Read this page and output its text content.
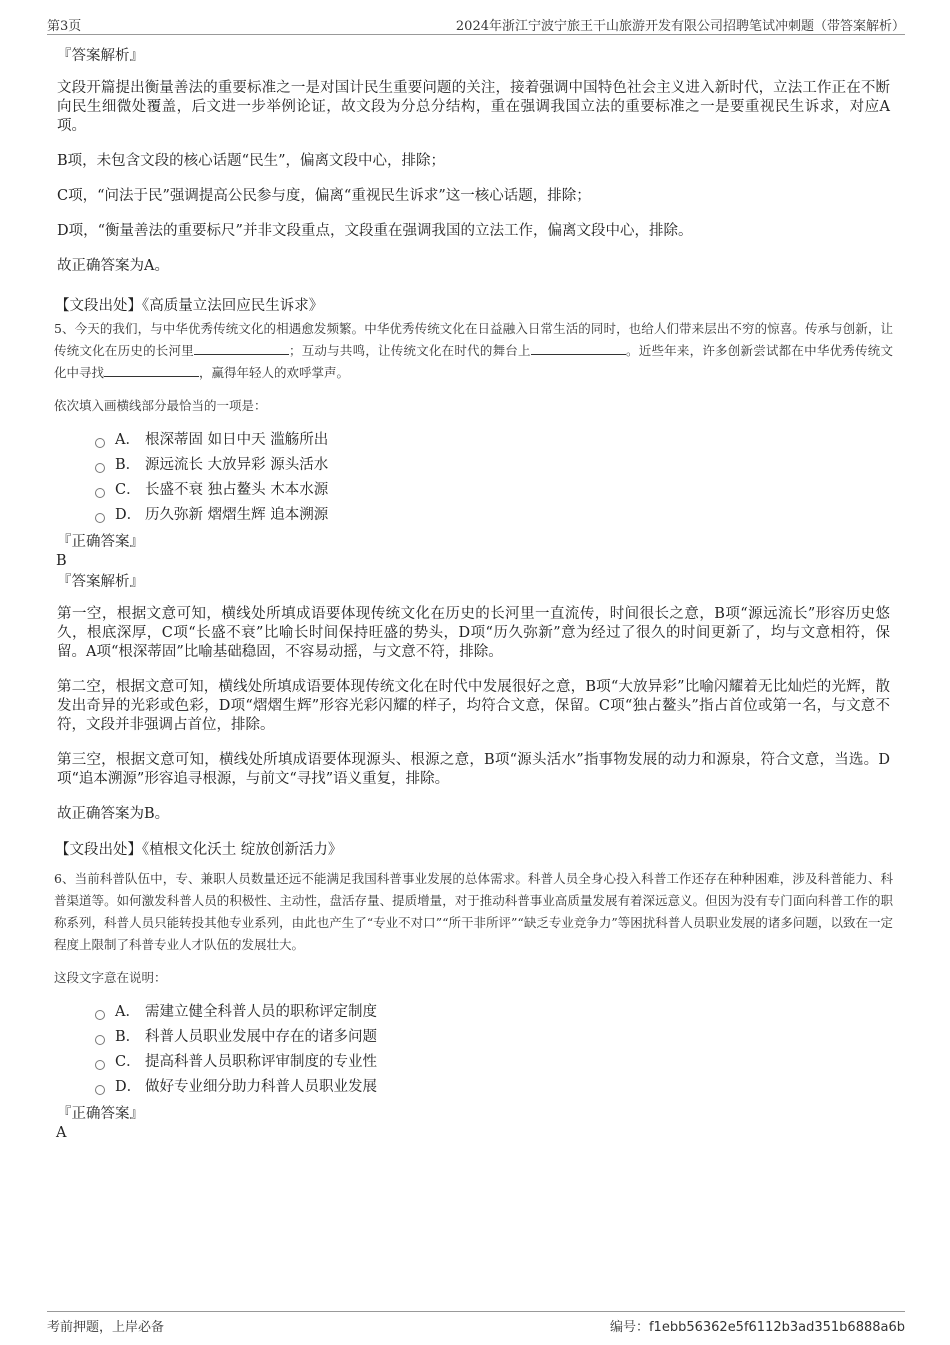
第3页	2024年浙江宁波宁旅王干山旅游开发有限公司招聘笔试冲刺题（带答案解析）

『答案解析』

文段开篇提出衡量善法的重要标准之一是对国计民生重要问题的关注，接着强调中国特色社会主义进入新时代，立法工作正在不断向民生细微处覆盖，后文进一步举例论证，故文段为分总分结构，重在强调我国立法的重要标准之一是要重视民生诉求，对应A项。

B项，未包含文段的核心话题“民生”，偏离文段中心，排除；

C项，“问法于民”强调提高公民参与度，偏离“重视民生诉求”这一核心话题，排除；

D项，“衡量善法的重要标尺”并非文段重点，文段重在强调我国的立法工作，偏离文段中心，排除。

故正确答案为A。

【文段出处】《高质量立法回应民生诉求》

5、今天的我们，与中华优秀传统文化的相遇愈发频繁。中华优秀传统文化在日益融入日常生活的同时，也给人们带来层出不穷的惊喜。传承与创新，让传统文化在历史的长河里	；互动与共鸣，让传统文化在时代的舞台上	。近些年来，许多创新尝试都在中华优秀传统文化中寻找	，赢得年轻人的欢呼掌声。

依次填入画横线部分最恰当的一项是：

A． 根深蒂固 如日中天 滥觞所出
B． 源远流长 大放异彩 源头活水
C． 长盛不衰 独占鳌头 木本水源
D． 历久弥新 熠熠生辉 追本溯源

『正确答案』

B

『答案解析』

第一空，根据文意可知，横线处所填成语要体现传统文化在历史的长河里一直流传，时间很长之意，B项“源远流长”形容历史悠久，根底深厚，C项“长盛不衰”比喻长时间保持旺盛的势头，D项“历久弥新”意为经过了很久的时间更新了，均与文意相符，保留。A项“根深蒂固”比喻基础稳固，不容易动摇，与文意不符，排除。

第二空，根据文意可知，横线处所填成语要体现传统文化在时代中发展很好之意，B项“大放异彩”比喻闪耀着无比灿烂的光辉，散发出奇异的光彩或色彩，D项“熠熠生辉”形容光彩闪耀的样子，均符合文意，保留。C项“独占鳌头”指占首位或第一名，与文意不符，文段并非强调占首位，排除。

第三空，根据文意可知，横线处所填成语要体现源头、根源之意，B项“源头活水”指事物发展的动力和源泉，符合文意，当选。D项“追本溯源”形容追寻根源，与前文“寻找”语义重复，排除。

故正确答案为B。

【文段出处】《植根文化沃土 绽放创新活力》

6、当前科普队伍中，专、兼职人员数量还远不能满足我国科普事业发展的总体需求。科普人员全身心投入科普工作还存在种种困难，涉及科普能力、科普渠道等。如何激发科普人员的积极性、主动性，盘活存量、提质增量，对于推动科普事业高质量发展有着深远意义。但因为没有专门面向科普工作的职称系列，科普人员只能转投其他专业系列，由此也产生了“专业不对口”“所干非所评”“缺乏专业竞争力”等困扰科普人员职业发展的诸多问题，以致在一定程度上限制了科普专业人才队伍的发展壮大。

这段文字意在说明：

A． 需建立健全科普人员的职称评定制度
B． 科普人员职业发展中存在的诸多问题
C． 提高科普人员职称评审制度的专业性
D． 做好专业细分助力科普人员职业发展

『正确答案』

A

考前押题，上岸必备	编号：f1ebb56362e5f6112b3ad351b6888a6b
